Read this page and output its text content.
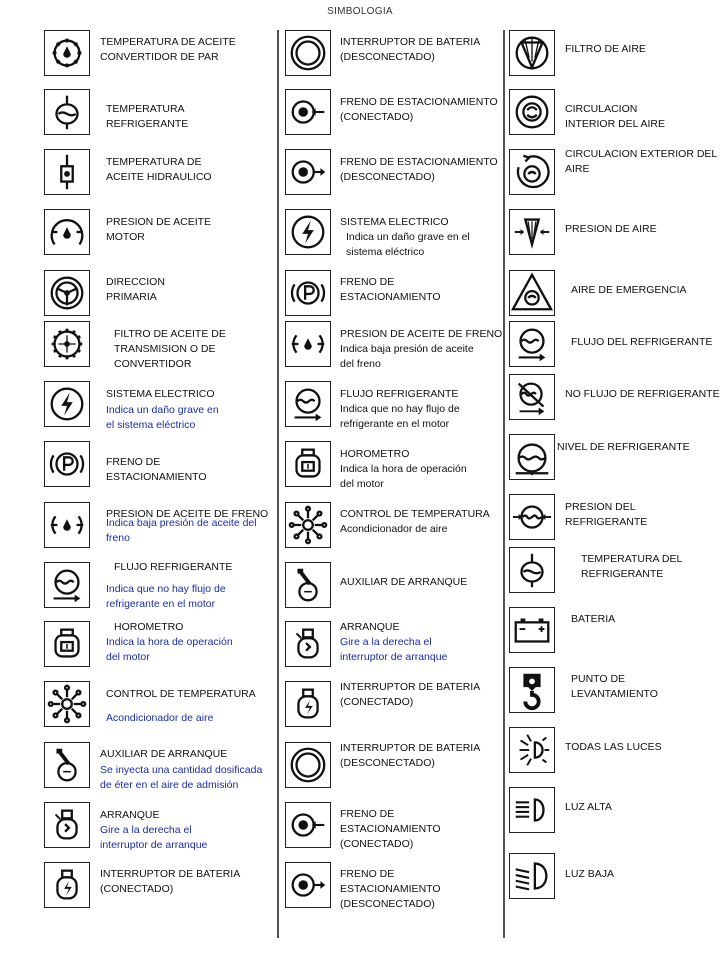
SIMBOLOGIA
TEMPERATURA DE ACEITE
CONVERTIDOR DE PAR
TEMPERATURA
REFRIGERANTE
TEMPERATURA DE
ACEITE HIDRAULICO
PRESION DE ACEITE
MOTOR
DIRECCION
PRIMARIA
FILTRO DE ACEITE DE
TRANSMISION O DE
CONVERTIDOR
SISTEMA ELECTRICO
Indica un daño grave en
el sistema eléctrico
FRENO DE
ESTACIONAMIENTO
PRESION DE ACEITE DE FRENO
Indica baja presión de aceite del
freno
FLUJO REFRIGERANTE
Indica que no hay flujo de
refrigerante en el motor
HOROMETRO
Indica la hora de operación
del motor
CONTROL DE TEMPERATURA
Acondicionador de aire
AUXILIAR DE ARRANQUE
Se inyecta una cantidad dosificada
de éter en el aire de admisión
ARRANQUE
Gire a la derecha el
interruptor de arranque
INTERRUPTOR DE BATERIA
(CONECTADO)
INTERRUPTOR DE BATERIA
(DESCONECTADO)
FRENO DE ESTACIONAMIENTO
(CONECTADO)
FRENO DE ESTACIONAMIENTO
(DESCONECTADO)
SISTEMA ELECTRICO
Indica un daño grave en el
sistema eléctrico
FRENO DE
ESTACIONAMIENTO
PRESION DE ACEITE DE FRENO
Indica baja presión de aceite
del freno
FLUJO REFRIGERANTE
Indica que no hay flujo de
refrigerante en el motor
HOROMETRO
Indica la hora de operación
del motor
CONTROL DE TEMPERATURA
Acondicionador de aire
AUXILIAR DE ARRANQUE
ARRANQUE
Gire a la derecha el
interruptor de arranque
INTERRUPTOR DE BATERIA
(CONECTADO)
INTERRUPTOR DE BATERIA
(DESCONECTADO)
FRENO DE
ESTACIONAMIENTO
(CONECTADO)
FRENO DE
ESTACIONAMIENTO
(DESCONECTADO)
FILTRO DE AIRE
CIRCULACION
INTERIOR DEL AIRE
CIRCULACION EXTERIOR DEL
AIRE
PRESION DE AIRE
AIRE DE EMERGENCIA
FLUJO DEL REFRIGERANTE
NO FLUJO DE REFRIGERANTE
NIVEL DE REFRIGERANTE
PRESION DEL
REFRIGERANTE
TEMPERATURA DEL
REFRIGERANTE
BATERIA
PUNTO DE
LEVANTAMIENTO
TODAS LAS LUCES
LUZ ALTA
LUZ BAJA
